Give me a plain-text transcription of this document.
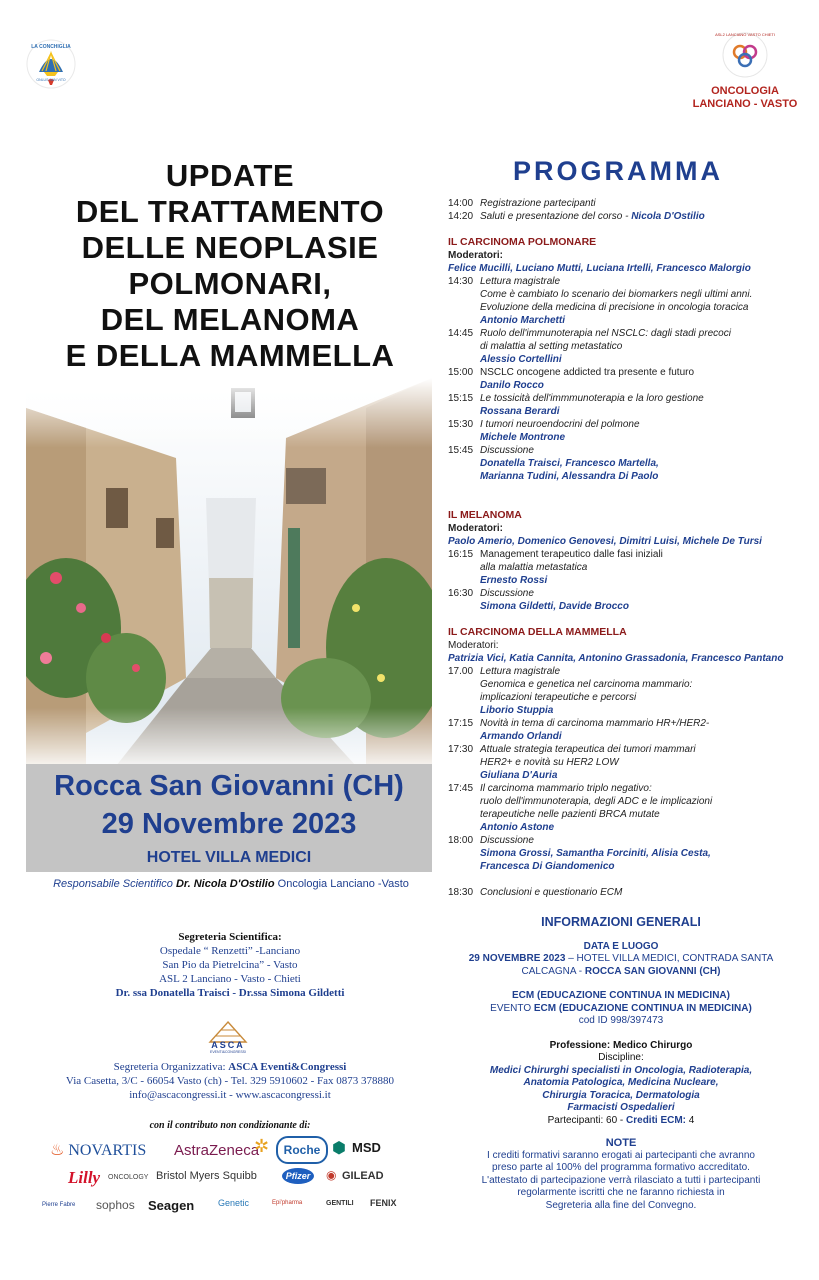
LA CONCHIGLIA
ONLUS SAN VITO
ASL2 LANCIANO VASTO CHIETI
ONCOLOGIA
LANCIANO - VASTO
UPDATE
DEL TRATTAMENTO
DELLE NEOPLASIE
POLMONARI,
DEL MELANOMA
E DELLA MAMMELLA
Rocca San Giovanni (CH)
29 Novembre 2023
HOTEL VILLA MEDICI
Responsabile Scientifico Dr. Nicola D'Ostilio Oncologia Lanciano -Vasto
Segreteria Scientifica:
Ospedale “ Renzetti” -Lanciano
San Pio da Pietrelcina” - Vasto
ASL 2 Lanciano - Vasto - Chieti
Dr. ssa Donatella Traisci - Dr.ssa Simona Gildetti
ASCA
EVENTI&CONGRESSI
Segreteria Organizzativa: ASCA Eventi&Congressi
Via Casetta, 3/C - 66054 Vasto (ch) - Tel. 329 5910602 - Fax 0873 378880
info@ascacongressi.it - www.ascacongressi.it
con il contributo non condizionante di:
♨ NOVARTIS AstraZeneca
✲	Roche ⬢ MSD
Lilly ONCOLOGY Bristol Myers Squibb	Pfizer	◉ GILEAD
Pierre Fabre sophos Seagen	Genetic	Epi'pharma	GENTILI FENIX
PROGRAMMA
14:00 Registrazione partecipanti
14:20 Saluti e presentazione del corso - Nicola D'Ostilio
IL CARCINOMA POLMONARE
Moderatori:
Felice Mucilli, Luciano Mutti, Luciana Irtelli, Francesco Malorgio
14:30 Lettura magistrale
Come è cambiato lo scenario dei biomarkers negli ultimi anni.
Evoluzione della medicina di precisione in oncologia toracica
Antonio Marchetti
14:45 Ruolo dell'immunoterapia nel NSCLC: dagli stadi precoci
di malattia al setting metastatico
Alessio Cortellini
15:00 NSCLC oncogene addicted tra presente e futuro
Danilo Rocco
15:15 Le tossicità dell'immmunoterapia e la loro gestione
Rossana Berardi
15:30 I tumori neuroendocrini del polmone
Michele Montrone
15:45 Discussione
Donatella Traisci, Francesco Martella,
Marianna Tudini, Alessandra Di Paolo
IL MELANOMA
Moderatori:
Paolo Amerio, Domenico Genovesi, Dimitri Luisi, Michele De Tursi
16:15 Management terapeutico dalle fasi iniziali
alla malattia metastatica
Ernesto Rossi
16:30 Discussione
Simona Gildetti, Davide Brocco
IL CARCINOMA DELLA MAMMELLA
Moderatori:
Patrizia Vici, Katia Cannita, Antonino Grassadonia, Francesco Pantano
17.00 Lettura magistrale
Genomica e genetica nel carcinoma mammario:
implicazioni terapeutiche e percorsi
Liborio Stuppia
17:15 Novità in tema di carcinoma mammario HR+/HER2-
Armando Orlandi
17:30 Attuale strategia terapeutica dei tumori mammari
HER2+ e novità su HER2 LOW
Giuliana D'Auria
17:45 Il carcinoma mammario triplo negativo:
ruolo dell'immunoterapia, degli ADC e le implicazioni
terapeutiche nelle pazienti BRCA mutate
Antonio Astone
18:00 Discussione
Simona Grossi, Samantha Forciniti, Alisia Cesta,
Francesca Di Giandomenico
18:30 Conclusioni e questionario ECM
INFORMAZIONI GENERALI
DATA E LUOGO
29 NOVEMBRE 2023 – HOTEL VILLA MEDICI, CONTRADA SANTA
CALCAGNA - ROCCA SAN GIOVANNI (CH)
ECM (EDUCAZIONE CONTINUA IN MEDICINA)
EVENTO ECM (EDUCAZIONE CONTINUA IN MEDICINA)
cod ID 998/397473
Professione: Medico Chirurgo
Discipline:
Medici Chirurghi specialisti in Oncologia, Radioterapia,
Anatomia Patologica, Medicina Nucleare,
Chirurgia Toracica, Dermatologia
Farmacisti Ospedalieri
Partecipanti: 60 - Crediti ECM: 4
NOTE
I crediti formativi saranno erogati ai partecipanti che avranno
preso parte al 100% del programma formativo accreditato.
L'attestato di partecipazione verrà rilasciato a tutti i partecipanti
regolarmente iscritti che ne faranno richiesta in
Segreteria alla fine del Convegno.
